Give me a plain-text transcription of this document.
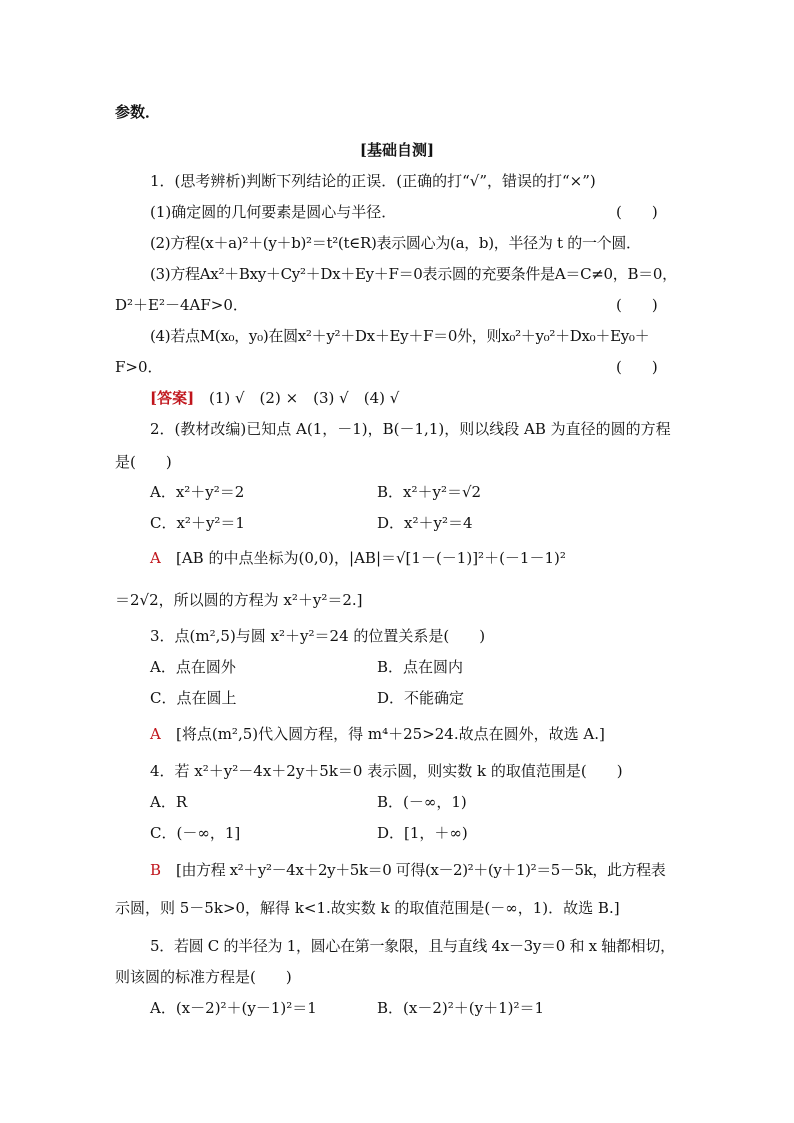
参数．
[基础自测]
1．(思考辨析)判断下列结论的正误．(正确的打“√”，错误的打“×”)
(1)确定圆的几何要素是圆心与半径．	(　　)
(2)方程(x＋a)²＋(y＋b)²＝t²(t∈R)表示圆心为(a，b)，半径为 t 的一个圆．
(3)方程Ax²＋Bxy＋Cy²＋Dx＋Ey＋F＝0表示圆的充要条件是A＝C≠0，B＝0，
D²＋E²－4AF>0．	(　　)
(4)若点M(x₀，y₀)在圆x²＋y²＋Dx＋Ey＋F＝0外，则x₀²＋y₀²＋Dx₀＋Ey₀＋
F>0．	(　　)
[答案] (1) √　(2) ×　(3) √　(4) √
2．(教材改编)已知点 A(1，－1)，B(－1,1)，则以线段 AB 为直径的圆的方程
是(　　)
A．x²＋y²＝2	B．x²＋y²＝√2
C．x²＋y²＝1	D．x²＋y²＝4
A [AB 的中点坐标为(0,0)，|AB|＝√[1－(－1)]²＋(－1－1)²
＝2√2，所以圆的方程为 x²＋y²＝2.]
3．点(m²,5)与圆 x²＋y²＝24 的位置关系是(　　)
A．点在圆外	B．点在圆内
C．点在圆上	D．不能确定
A [将点(m²,5)代入圆方程，得 m⁴＋25>24.故点在圆外，故选 A.]
4．若 x²＋y²－4x＋2y＋5k＝0 表示圆，则实数 k 的取值范围是(　　)
A．R	B．(－∞，1)
C．(－∞，1]	D．[1，＋∞)
B [由方程 x²＋y²－4x＋2y＋5k＝0 可得(x－2)²＋(y＋1)²＝5－5k，此方程表
示圆，则 5－5k>0，解得 k<1.故实数 k 的取值范围是(－∞，1)．故选 B.]
5．若圆 C 的半径为 1，圆心在第一象限，且与直线 4x－3y＝0 和 x 轴都相切，
则该圆的标准方程是(　　)
A．(x－2)²＋(y－1)²＝1	B．(x－2)²＋(y＋1)²＝1
